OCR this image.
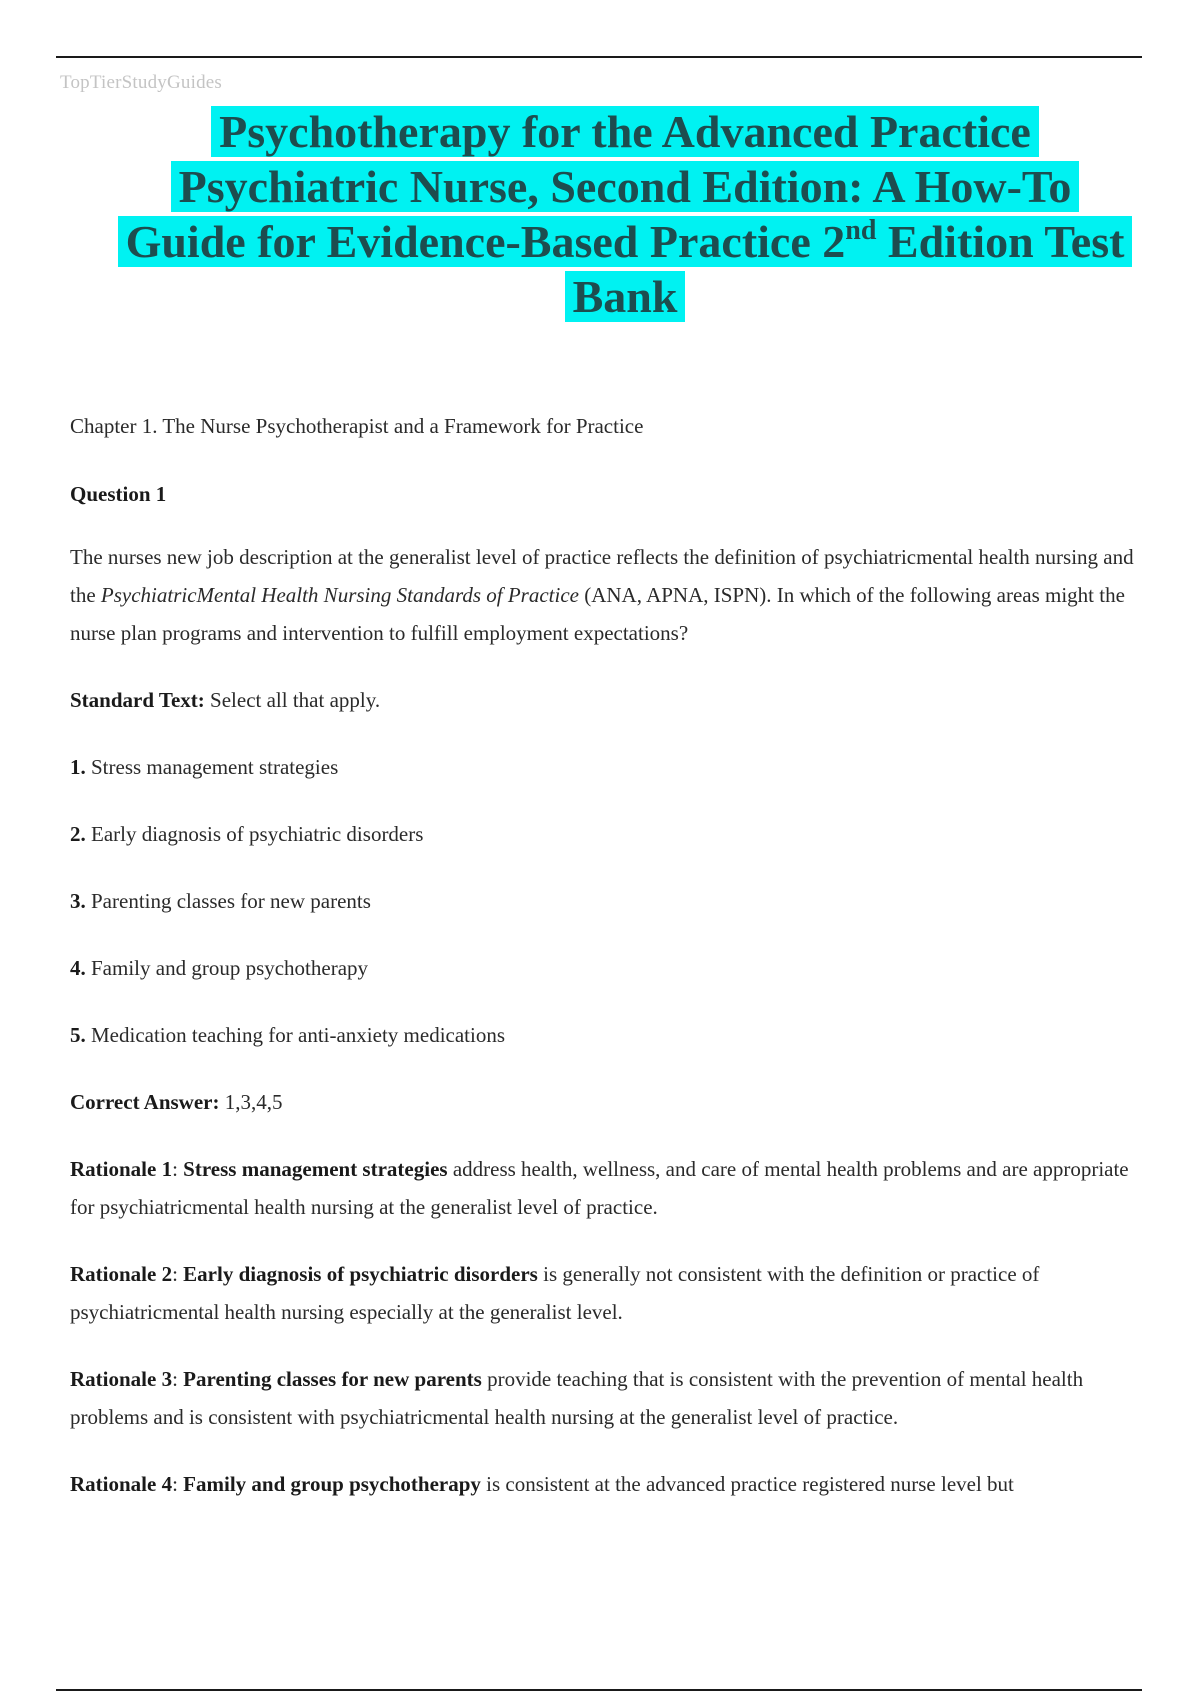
TopTierStudyGuides
Psychotherapy for the Advanced Practice
Psychiatric Nurse, Second Edition: A How-To
Guide for Evidence-Based Practice 2nd Edition Test
Bank

Chapter 1. The Nurse Psychotherapist and a Framework for Practice

Question 1

The nurses new job description at the generalist level of practice reflects the definition of psychiatricmental health nursing and the PsychiatricMental Health Nursing Standards of Practice (ANA, APNA, ISPN). In which of the following areas might the nurse plan programs and intervention to fulfill employment expectations?

Standard Text: Select all that apply.

1. Stress management strategies

2. Early diagnosis of psychiatric disorders

3. Parenting classes for new parents

4. Family and group psychotherapy

5. Medication teaching for anti-anxiety medications

Correct Answer: 1,3,4,5

Rationale 1: Stress management strategies address health, wellness, and care of mental health problems and are appropriate for psychiatricmental health nursing at the generalist level of practice.

Rationale 2: Early diagnosis of psychiatric disorders is generally not consistent with the definition or practice of psychiatricmental health nursing especially at the generalist level.

Rationale 3: Parenting classes for new parents provide teaching that is consistent with the prevention of mental health problems and is consistent with psychiatricmental health nursing at the generalist level of practice.

Rationale 4: Family and group psychotherapy is consistent at the advanced practice registered nurse level but
